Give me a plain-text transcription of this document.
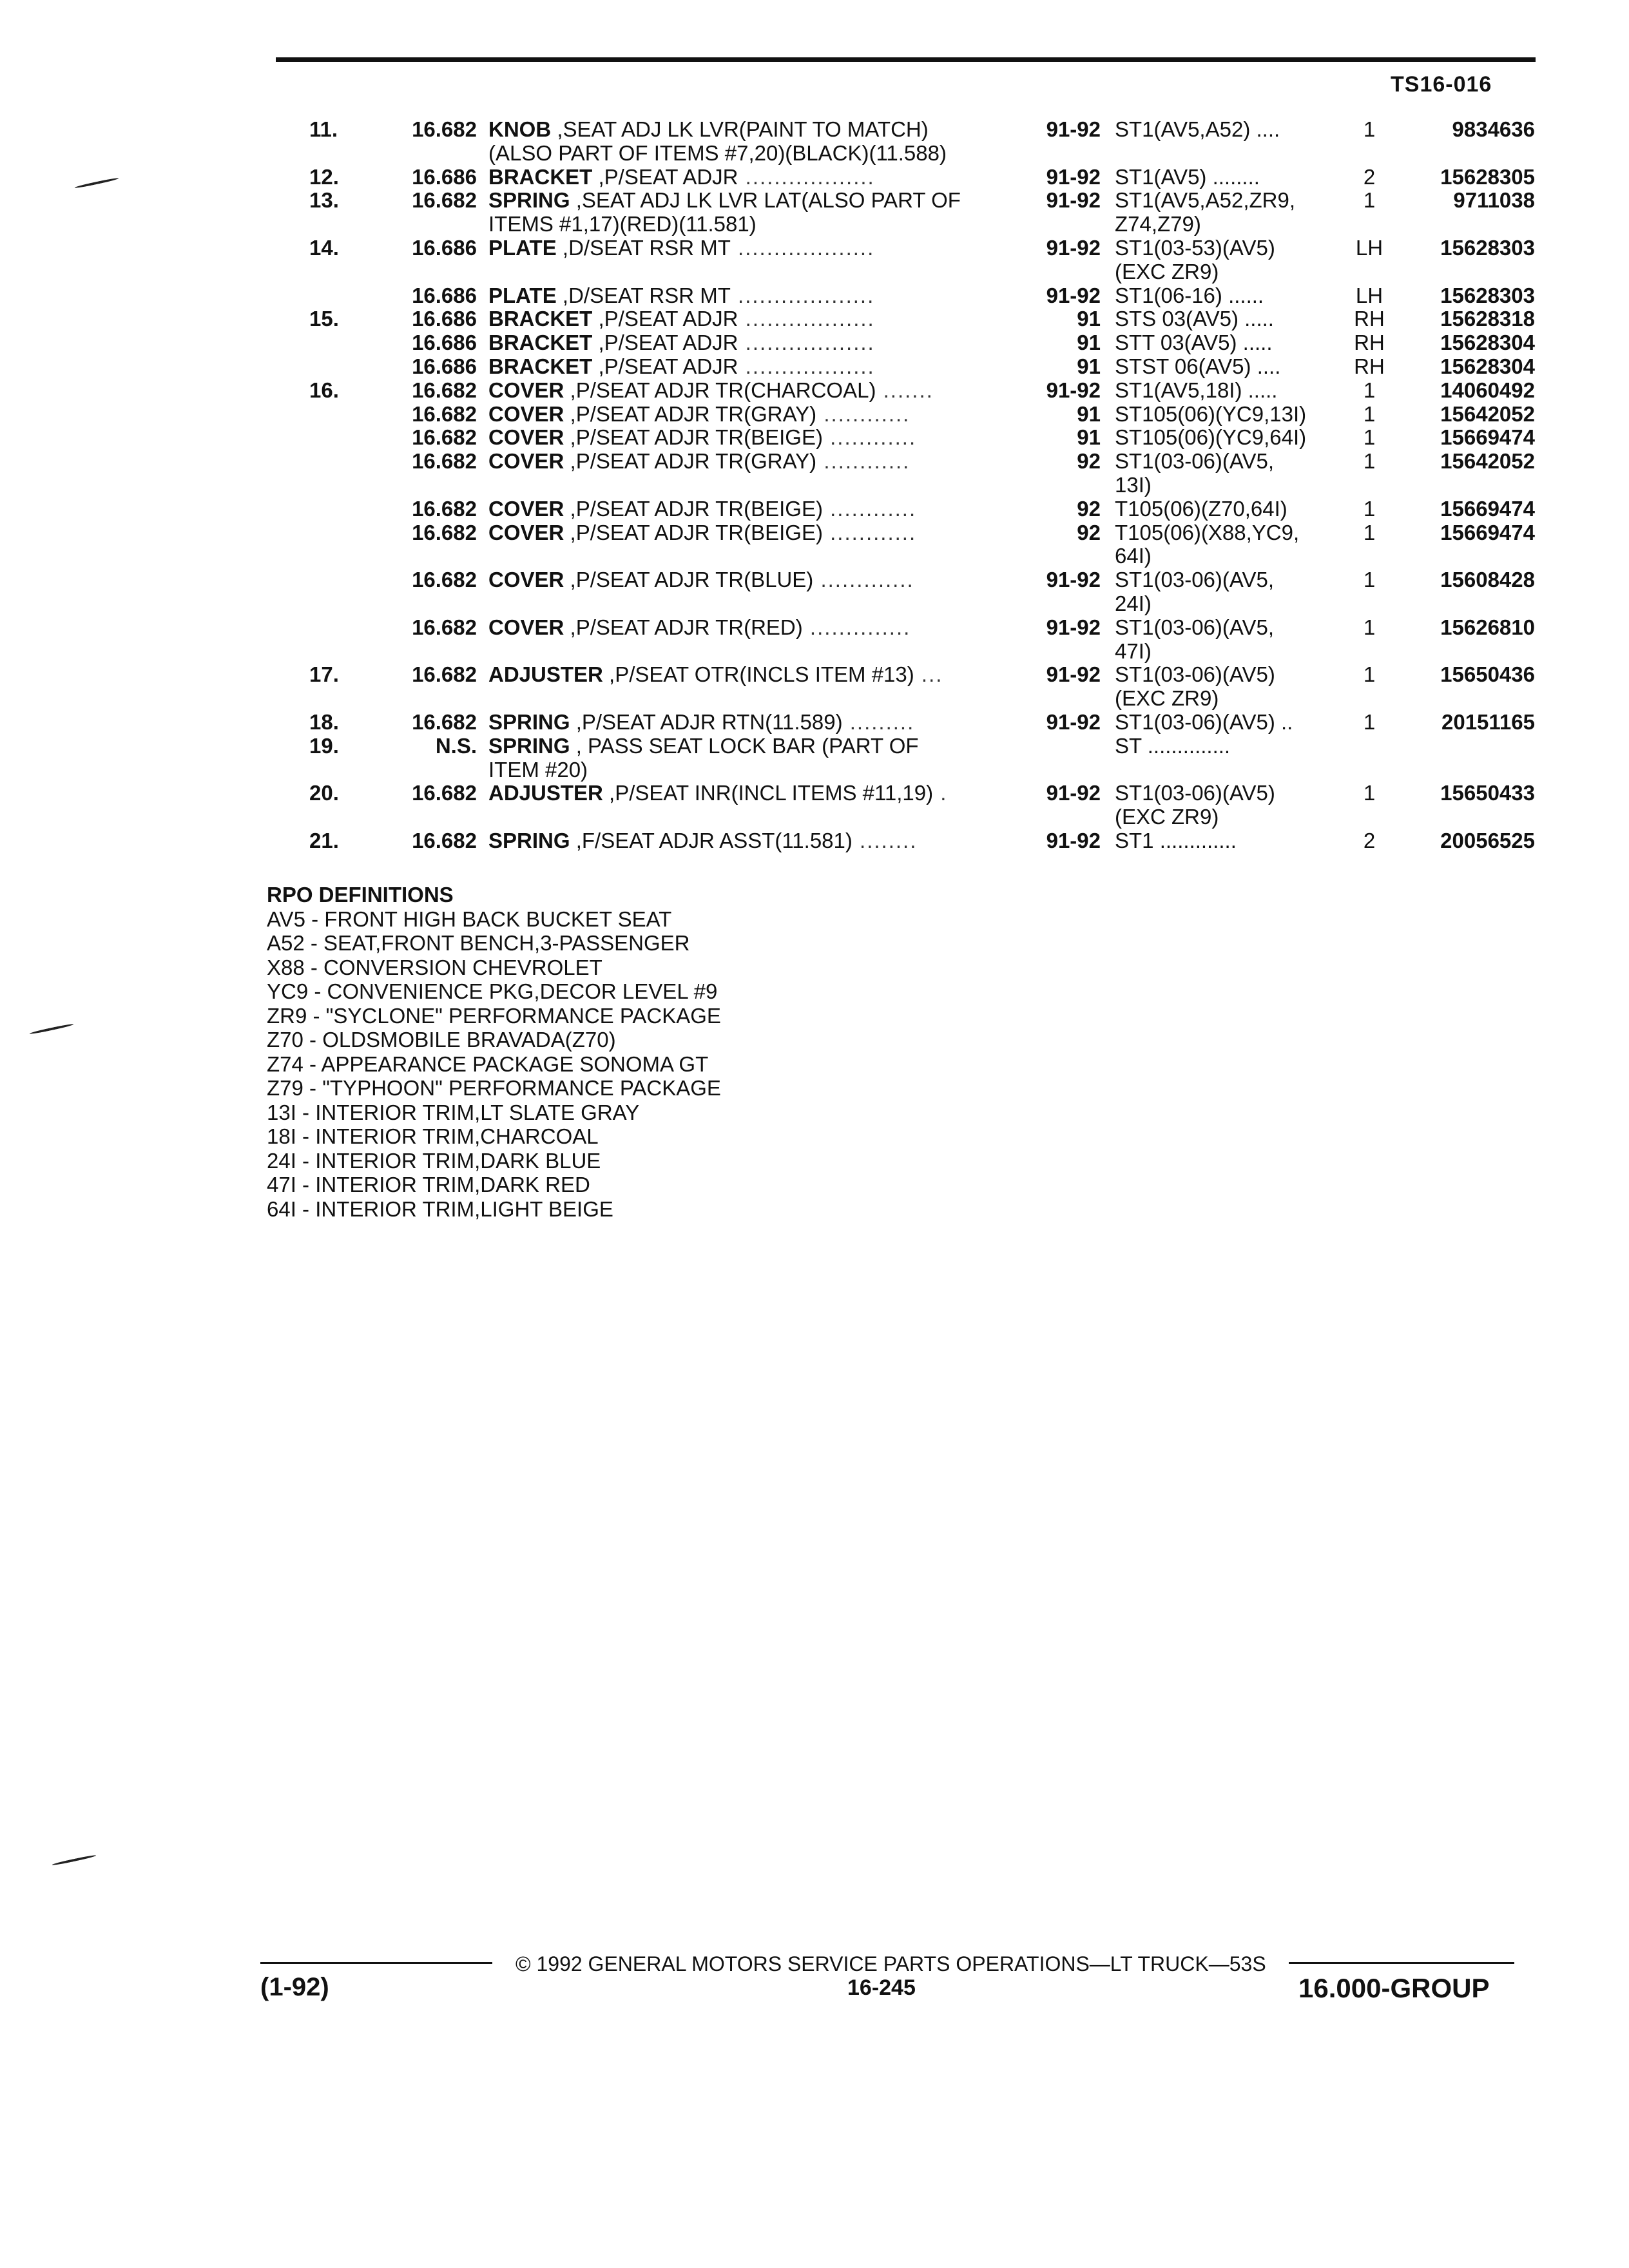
TS16-016
11.	16.682 KNOB ,SEAT ADJ LK LVR(PAINT TO MATCH)	91-92 ST1(AV5,A52) ....	1	9834636
(ALSO PART OF ITEMS #7,20)(BLACK)(11.588)
12.	16.686 BRACKET ,P/SEAT ADJR ..................	91-92 ST1(AV5) ........	2	15628305
13.	16.682 SPRING ,SEAT ADJ LK LVR LAT(ALSO PART OF	91-92 ST1(AV5,A52,ZR9,	1	9711038
ITEMS #1,17)(RED)(11.581)	Z74,Z79)
14.	16.686 PLATE ,D/SEAT RSR MT ...................	91-92 ST1(03-53)(AV5)	LH	15628303
(EXC ZR9)
16.686 PLATE ,D/SEAT RSR MT ...................	91-92 ST1(06-16) ......	LH	15628303
15.	16.686 BRACKET ,P/SEAT ADJR ..................	91 STS 03(AV5) .....	RH	15628318
16.686 BRACKET ,P/SEAT ADJR ..................	91 STT 03(AV5) .....	RH	15628304
16.686 BRACKET ,P/SEAT ADJR ..................	91 STST 06(AV5) ....	RH	15628304
16.	16.682 COVER ,P/SEAT ADJR TR(CHARCOAL) .......	91-92 ST1(AV5,18I) .....	1	14060492
16.682 COVER ,P/SEAT ADJR TR(GRAY) ............	91 ST105(06)(YC9,13I)	1	15642052
16.682 COVER ,P/SEAT ADJR TR(BEIGE) ............	91 ST105(06)(YC9,64I)	1	15669474
16.682 COVER ,P/SEAT ADJR TR(GRAY) ............	92 ST1(03-06)(AV5,	1	15642052
13I)
16.682 COVER ,P/SEAT ADJR TR(BEIGE) ............	92 T105(06)(Z70,64I)	1	15669474
16.682 COVER ,P/SEAT ADJR TR(BEIGE) ............	92 T105(06)(X88,YC9,	1	15669474
64I)
16.682 COVER ,P/SEAT ADJR TR(BLUE) .............	91-92 ST1(03-06)(AV5,	1	15608428
24I)
16.682 COVER ,P/SEAT ADJR TR(RED) ..............	91-92 ST1(03-06)(AV5,	1	15626810
47I)
17.	16.682 ADJUSTER ,P/SEAT OTR(INCLS ITEM #13) ...	91-92 ST1(03-06)(AV5)	1	15650436
(EXC ZR9)
18.	16.682 SPRING ,P/SEAT ADJR RTN(11.589) .........	91-92 ST1(03-06)(AV5) ..	1	20151165
19.	N.S. SPRING , PASS SEAT LOCK BAR (PART OF	ST ..............
ITEM #20)
20.	16.682 ADJUSTER ,P/SEAT INR(INCL ITEMS #11,19) .	91-92 ST1(03-06)(AV5)	1	15650433
(EXC ZR9)
21.	16.682 SPRING ,F/SEAT ADJR ASST(11.581) ........	91-92 ST1 .............	2	20056525
RPO DEFINITIONS
AV5 - FRONT HIGH BACK BUCKET SEAT
A52 - SEAT,FRONT BENCH,3-PASSENGER
X88 - CONVERSION CHEVROLET
YC9 - CONVENIENCE PKG,DECOR LEVEL #9
ZR9 - "SYCLONE" PERFORMANCE PACKAGE
Z70 - OLDSMOBILE BRAVADA(Z70)
Z74 - APPEARANCE PACKAGE SONOMA GT
Z79 - "TYPHOON" PERFORMANCE PACKAGE
13I - INTERIOR TRIM,LT SLATE GRAY
18I - INTERIOR TRIM,CHARCOAL
24I - INTERIOR TRIM,DARK BLUE
47I - INTERIOR TRIM,DARK RED
64I - INTERIOR TRIM,LIGHT BEIGE
© 1992 GENERAL MOTORS SERVICE PARTS OPERATIONS—LT TRUCK—53S
(1-92)	16-245	16.000-GROUP
